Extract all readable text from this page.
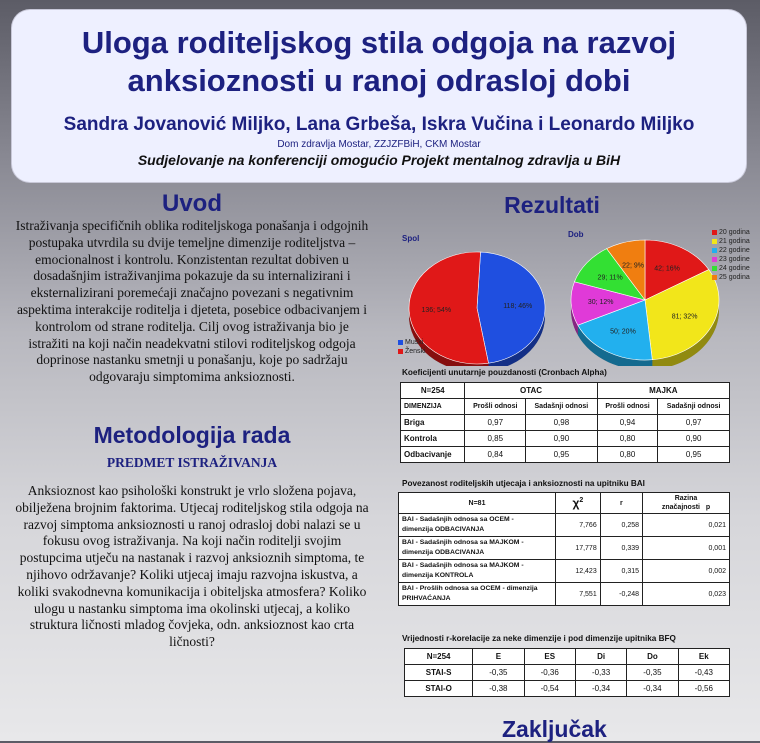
Uloga roditeljskog stila odgoja na razvoj
anksioznosti u ranoj odrasloj dobi
Sandra Jovanović Miljko, Lana Grbeša, Iskra Vučina i Leonardo Miljko
Dom zdravlja Mostar, ZZJZFBiH, CKM Mostar
Sudjelovanje na konferenciji omogućio Projekt mentalnog zdravlja u BiH
Uvod
Istraživanja specifičnih oblika roditeljskoga ponašanja i odgojnih postupaka utvrdila su dvije temeljne dimenzije roditeljstva – emocionalnost i kontrolu. Konzistentan rezultat dobiven u dosadašnjim istraživanjima pokazuje da su internalizirani i eksternalizirani poremećaji značajno povezani s negativnim aspektima interakcije roditelja i djeteta, posebice odbacivanjem i kontrolom od strane roditelja. Cilj ovog istraživanja bio je istražiti na koji način neadekvatni stilovi roditeljskog odgoja doprinose nastanku smetnji u ponašanju, koje po sadržaju odgovaraju simptomima anksioznosti.
Metodologija rada
PREDMET ISTRAŽIVANJA
Anksioznost kao psihološki konstrukt je vrlo složena pojava, obilježena brojnim faktorima. Utjecaj roditeljskog stila odgoja na razvoj simptoma anksioznosti u ranoj odrasloj dobi nalazi se u fokusu ovog istraživanja. Na koji način roditelji svojim postupcima utječu na nastanak i razvoj anksioznih simptoma, te njihovo održavanje? Koliki utjecaj imaju razvojna iskustva, a koliki svakodnevna komunikacija i obiteljska atmosfera? Koliko ulogu u nastanku simptoma ima okolinski utjecaj, a koliko struktura ličnosti mladog čovjeka, odn. anksioznost kao crta ličnosti?
Rezultati
118; 46%
136; 54%
42; 16%
81; 32%
50; 20%
30; 12%
29; 11%
22; 9%
Spol	Dob
Muški
Ženski
20 godina
21 godina
22 godine
23 godine
24 godine
25 godina
Koeficijenti unutarnje pouzdanosti (Cronbach Alpha)
N=254	OTAC		MAJKA	
DIMENZIJA	Prošli odnosi	Sadašnji odnosi	Prošli odnosi	Sadašnji odnosi
Briga	0,97	0,98	0,94	0,97
Kontrola	0,85	0,90	0,80	0,90
Odbacivanje	0,84	0,95	0,80	0,95
Povezanost roditeljskih utjecaja i anksioznosti na upitniku BAI
N=81	$\chi^2$	r	Razina
značajnosti p

BAI - Sadašnjih odnosa sa OCEM -
dimenzija ODBACIVANJA	7,766	0,258	0,021

BAI - Sadašnjih odnosa sa MAJKOM -
dimenzija ODBACIVANJA	17,778	0,339	0,001

BAI - Sadašnjih odnosa sa MAJKOM -
dimenzija KONTROLA	12,423	0,315	0,002

BAI - Prošlih odnosa sa OCEM - dimenzija
PRIHVAĆANJA	7,551	-0,248	0,023
Vrijednosti r-korelacije za neke dimenzije i pod dimenzije upitnika BFQ
N=254	E	ES	Di	Do	Ek
STAI-S	-0,35	-0,36	-0,33	-0,35	-0,43
STAI-O	-0,38	-0,54	-0,34	-0,34	-0,56
Zaključak
